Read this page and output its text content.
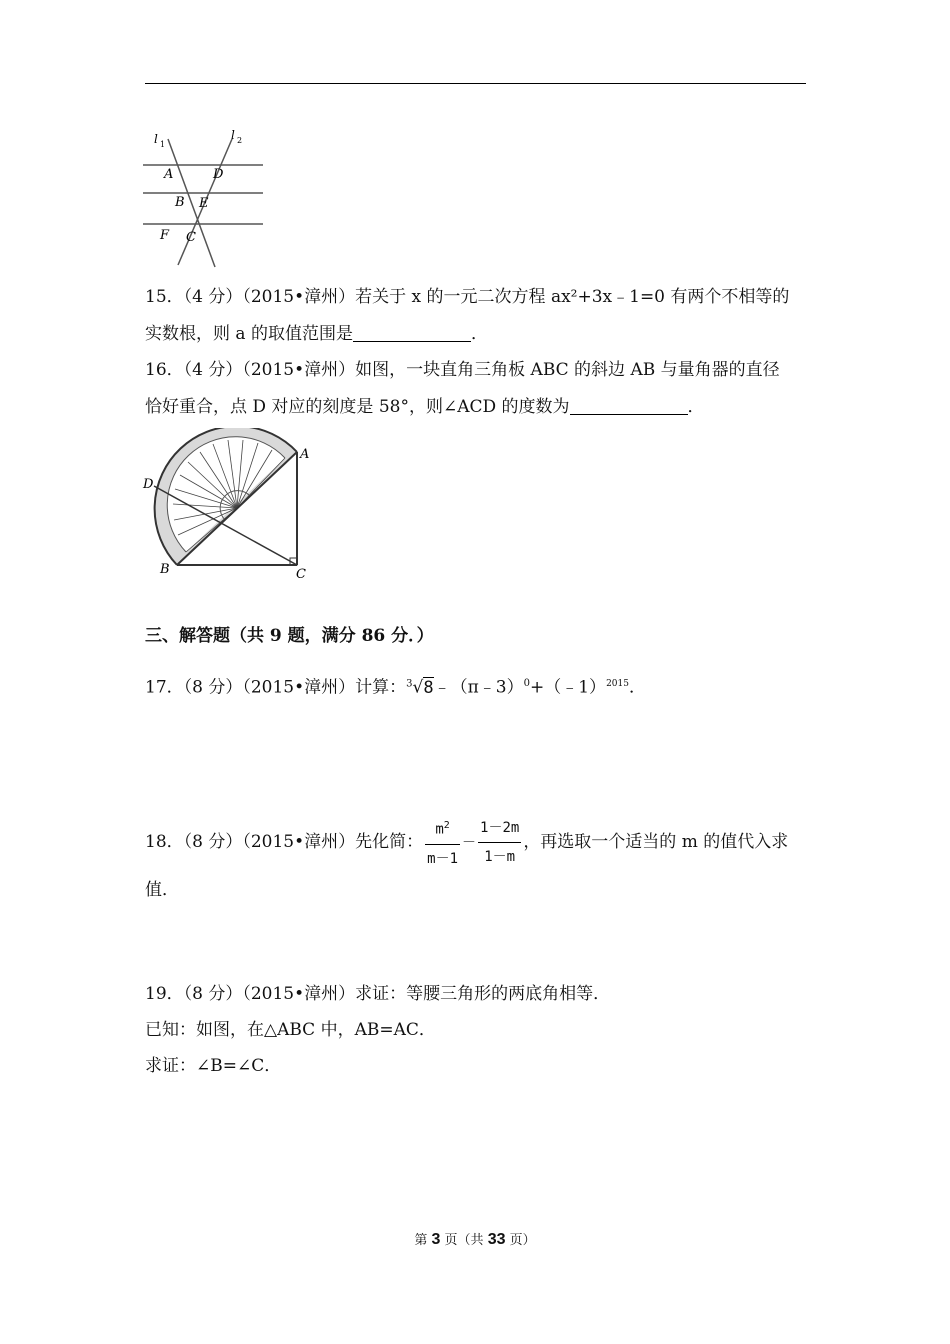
l 1
l 2
A	D
B E
F C
15．（4 分）（2015•漳州）若关于 x 的一元二次方程 ax²+3x﹣1=0 有两个不相等的
实数根，则 a 的取值范围是	．
16．（4 分）（2015•漳州）如图，一块直角三角板 ABC 的斜边 AB 与量角器的直径
恰好重合，点 D 对应的刻度是 58°，则∠ACD 的度数为	．
A
D
B	C
三、解答题（共 9 题，满分 86 分．）
17．（8 分）（2015•漳州）计算：$^3$√8﹣（π﹣3）$^0$+（﹣1）$^{2015}$．
18．（8 分）（2015•漳州）先化简： $\frac{m^2}{m-1} - \frac{1-2m}{1-m}$ ，再选取一个适当的 m 的值代入求
值．
19．（8 分）（2015•漳州）求证：等腰三角形的两底角相等．
已知：如图，在△ABC 中，AB=AC．
求证：∠B=∠C．
第 3 页（共 33 页）
